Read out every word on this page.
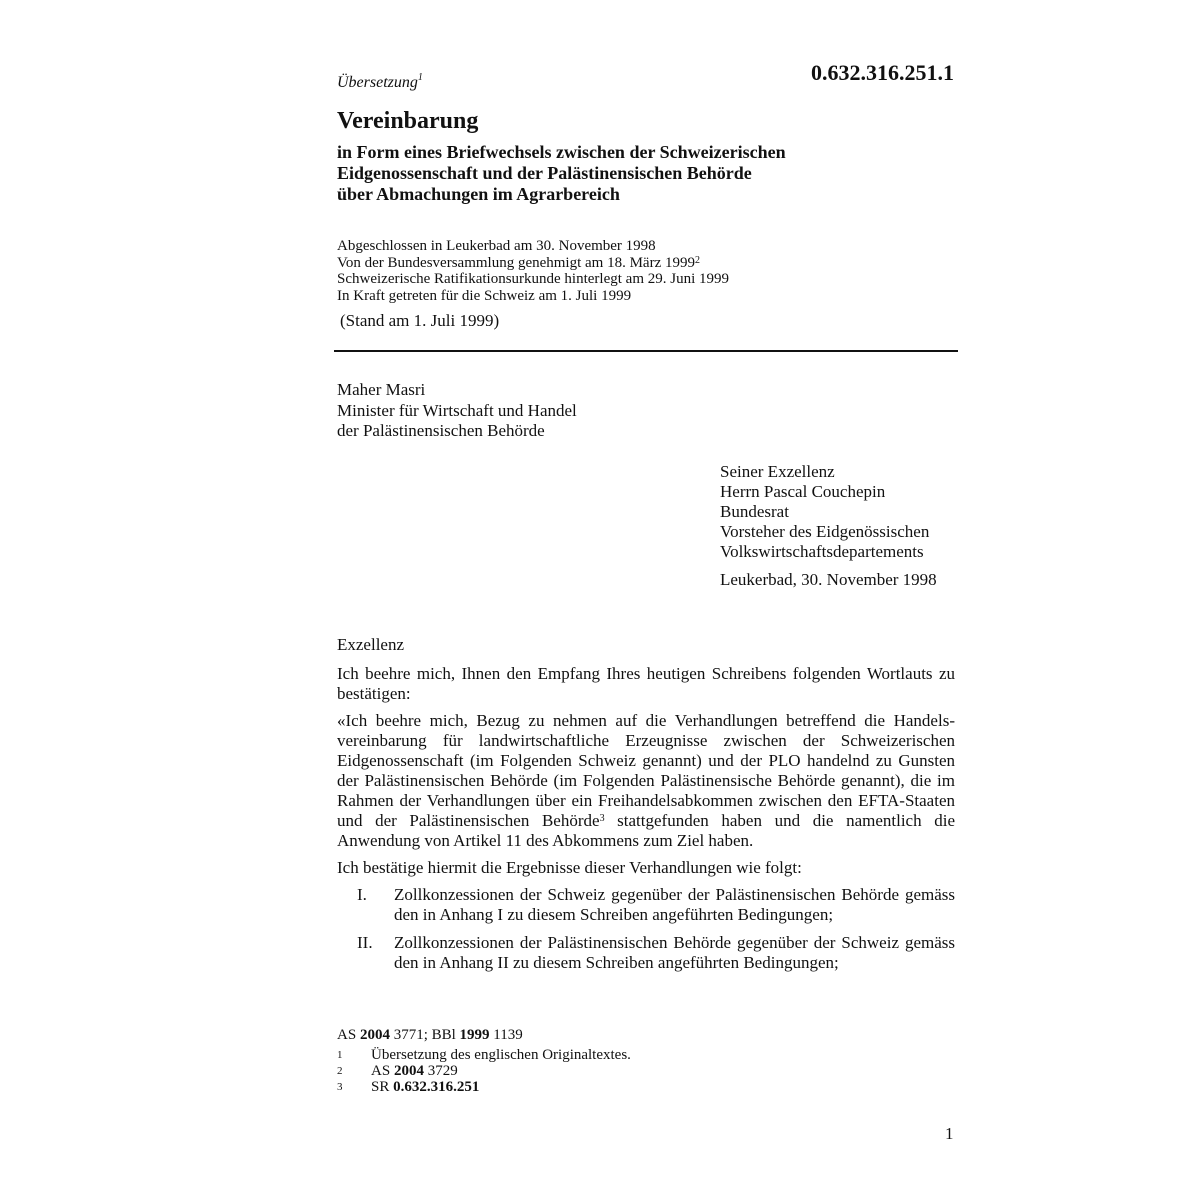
0.632.316.251.1
Übersetzung$^1$
Vereinbarung
in Form eines Briefwechsels zwischen der Schweizerischen
Eidgenossenschaft und der Palästinensischen Behörde
über Abmachungen im Agrarbereich
Abgeschlossen in Leukerbad am 30. November 1998
Von der Bundesversammlung genehmigt am 18. März 1999$^2$
Schweizerische Ratifikationsurkunde hinterlegt am 29. Juni 1999
In Kraft getreten für die Schweiz am 1. Juli 1999
(Stand am 1. Juli 1999)
Maher Masri
Minister für Wirtschaft und Handel
der Palästinensischen Behörde
Seiner Exzellenz
Herrn Pascal Couchepin
Bundesrat
Vorsteher des Eidgenössischen
Volkswirtschaftsdepartements
Leukerbad, 30. November 1998

Exzellenz

Ich beehre mich, Ihnen den Empfang Ihres heutigen Schreibens folgenden Wortlauts zu bestätigen:

«Ich beehre mich, Bezug zu nehmen auf die Verhandlungen betreffend die Handelsvereinbarung für landwirtschaftliche Erzeugnisse zwischen der Schweizerischen Eidgenossenschaft (im Folgenden Schweiz genannt) und der PLO handelnd zu Gunsten der Palästinensischen Behörde (im Folgenden Palästinensische Behörde genannt), die im Rahmen der Verhandlungen über ein Freihandelsabkommen zwischen den EFTA-Staaten und der Palästinensischen Behörde$^3$ stattgefunden haben und die namentlich die Anwendung von Artikel 11 des Abkommens zum Ziel haben.

Ich bestätige hiermit die Ergebnisse dieser Verhandlungen wie folgt:

I.	Zollkonzessionen der Schweiz gegenüber der Palästinensischen Behörde gemäss den in Anhang I zu diesem Schreiben angeführten Bedingungen;
II.	Zollkonzessionen der Palästinensischen Behörde gegenüber der Schweiz gemäss den in Anhang II zu diesem Schreiben angeführten Bedingungen;
AS 2004 3771; BBl 1999 1139
1	Übersetzung des englischen Originaltextes.
2	AS 2004 3729
3	SR 0.632.316.251
1
